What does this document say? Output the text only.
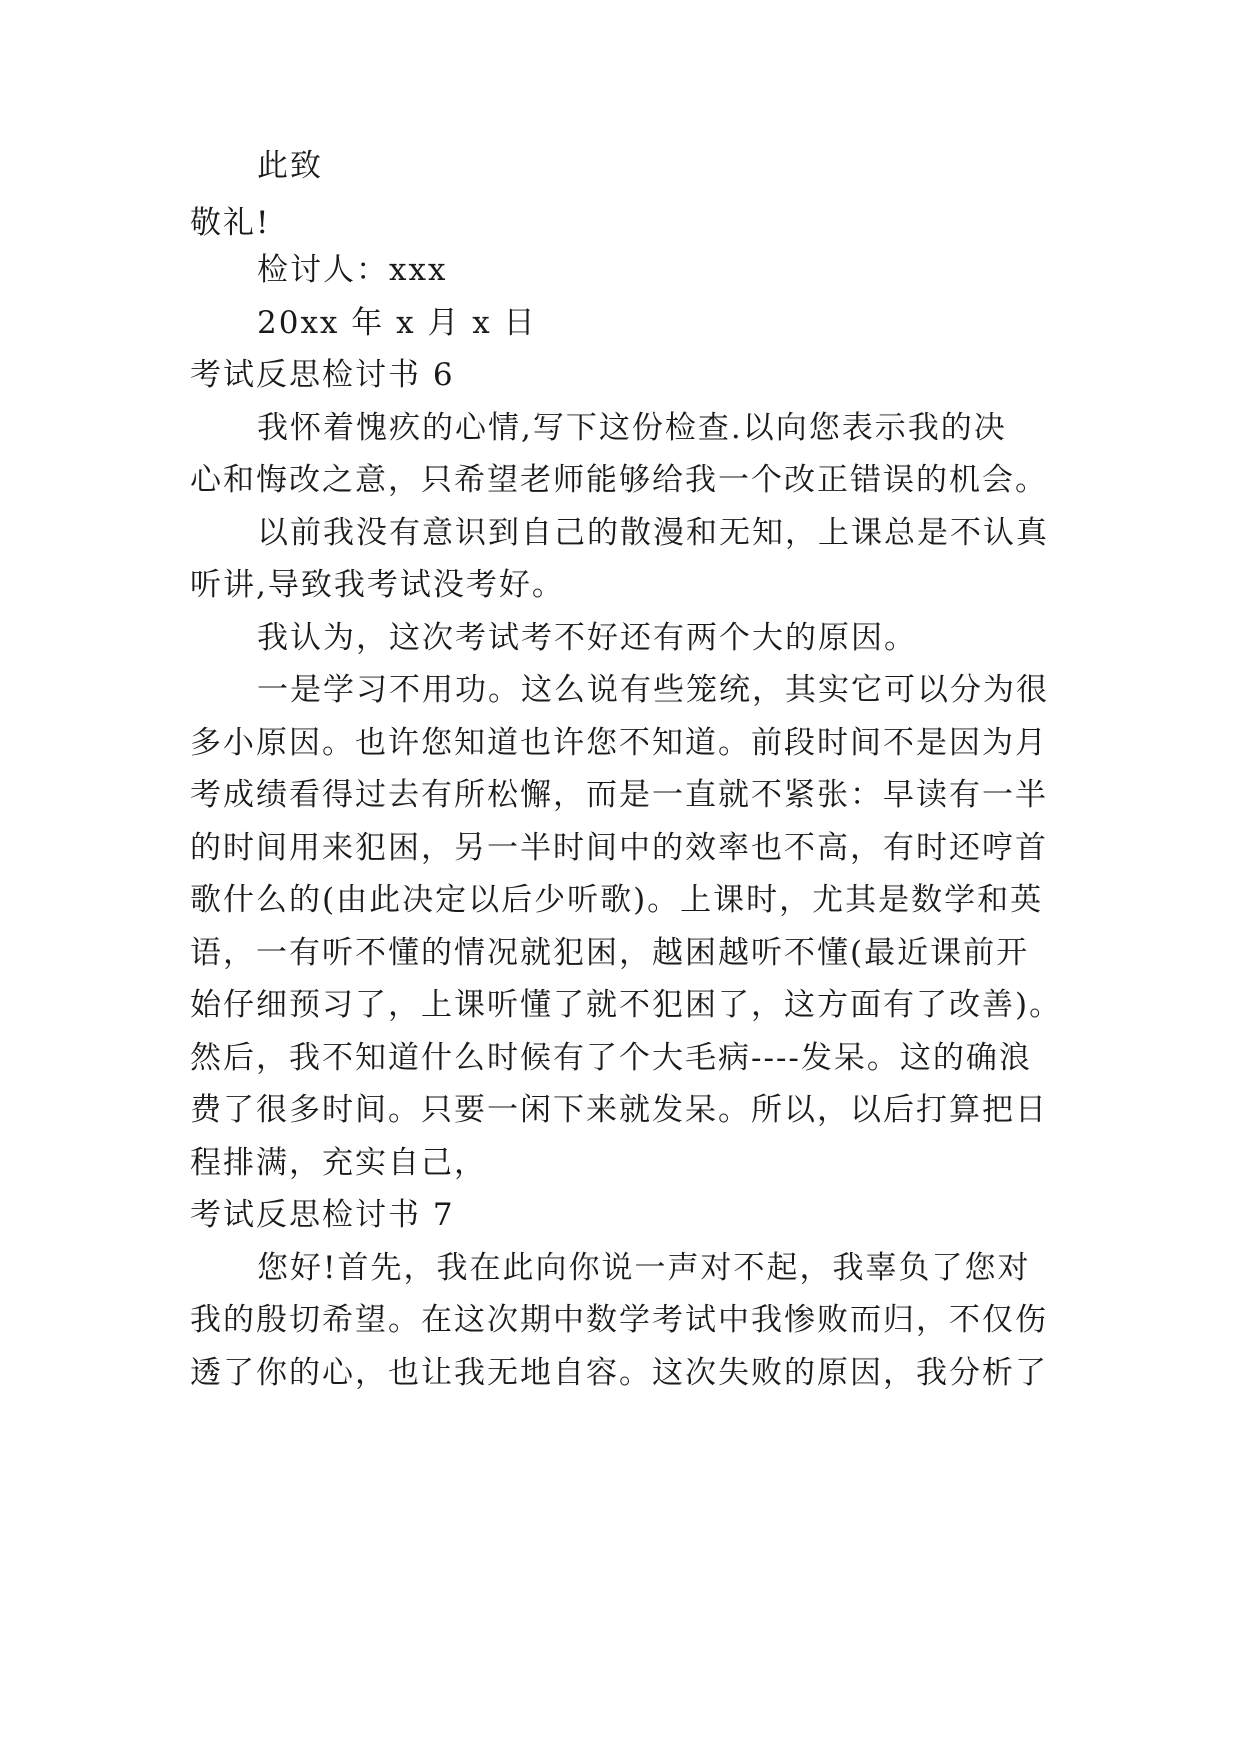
此致
敬礼!
检讨人：xxx
20xx 年 x 月 x 日
考试反思检讨书 6
我怀着愧疚的心情,写下这份检查.以向您表示我的决
心和悔改之意，只希望老师能够给我一个改正错误的机会。
以前我没有意识到自己的散漫和无知，上课总是不认真
听讲,导致我考试没考好。
我认为，这次考试考不好还有两个大的原因。
一是学习不用功。这么说有些笼统，其实它可以分为很
多小原因。也许您知道也许您不知道。前段时间不是因为月
考成绩看得过去有所松懈，而是一直就不紧张：早读有一半
的时间用来犯困，另一半时间中的效率也不高，有时还哼首
歌什么的(由此决定以后少听歌)。上课时，尤其是数学和英
语，一有听不懂的情况就犯困，越困越听不懂(最近课前开
始仔细预习了，上课听懂了就不犯困了，这方面有了改善)。
然后，我不知道什么时候有了个大毛病----发呆。这的确浪
费了很多时间。只要一闲下来就发呆。所以，以后打算把日
程排满，充实自己，
考试反思检讨书 7
您好!首先，我在此向你说一声对不起，我辜负了您对
我的殷切希望。在这次期中数学考试中我惨败而归，不仅伤
透了你的心，也让我无地自容。这次失败的原因，我分析了
